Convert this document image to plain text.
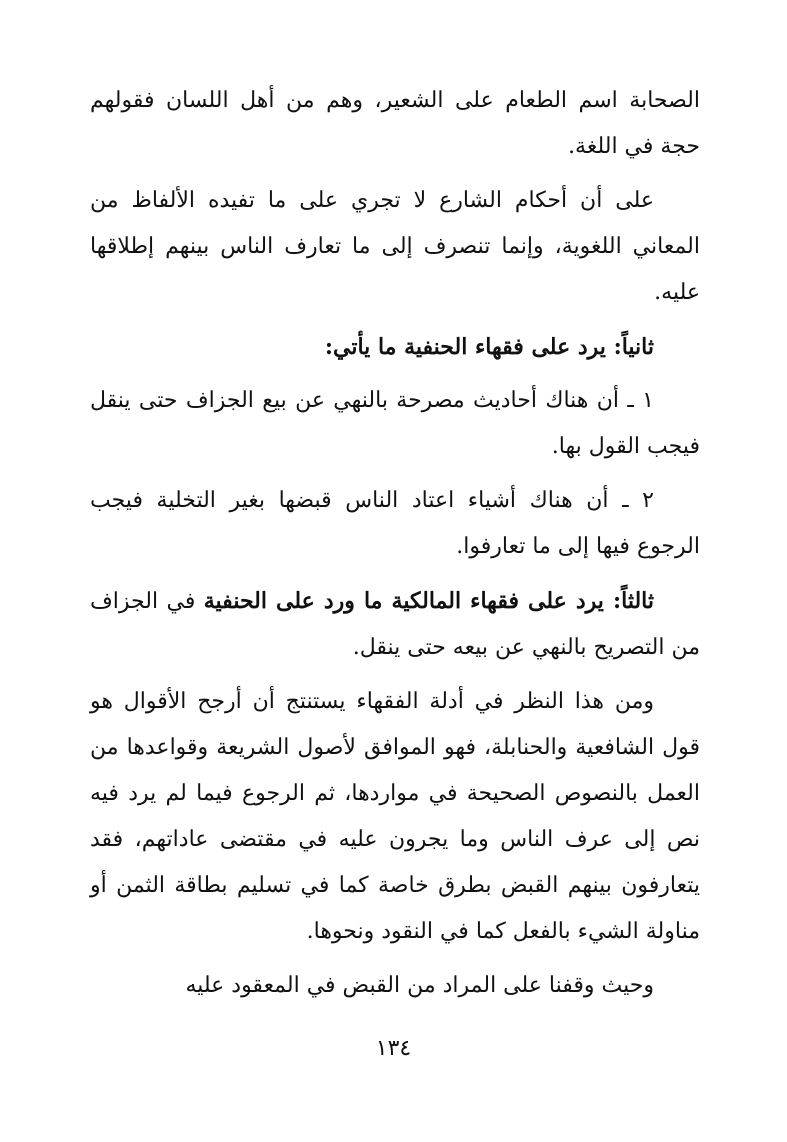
الصحابة اسم الطعام على الشعير، وهم من أهل اللسان فقولهم حجة في اللغة.

على أن أحكام الشارع لا تجري على ما تفيده الألفاظ من المعاني اللغوية، وإنما تنصرف إلى ما تعارف الناس بينهم إطلاقها عليه.

ثانياً: يرد على فقهاء الحنفية ما يأتي:

١ ـ أن هناك أحاديث مصرحة بالنهي عن بيع الجزاف حتى ينقل فيجب القول بها.

٢ ـ أن هناك أشياء اعتاد الناس قبضها بغير التخلية فيجب الرجوع فيها إلى ما تعارفوا.

ثالثاً: يرد على فقهاء المالكية ما ورد على الحنفية في الجزاف من التصريح بالنهي عن بيعه حتى ينقل.

ومن هذا النظر في أدلة الفقهاء يستنتج أن أرجح الأقوال هو قول الشافعية والحنابلة، فهو الموافق لأصول الشريعة وقواعدها من العمل بالنصوص الصحيحة في مواردها، ثم الرجوع فيما لم يرد فيه نص إلى عرف الناس وما يجرون عليه في مقتضى عاداتهم، فقد يتعارفون بينهم القبض بطرق خاصة كما في تسليم بطاقة الثمن أو مناولة الشيء بالفعل كما في النقود ونحوها.

وحيث وقفنا على المراد من القبض في المعقود عليه

١٣٤
